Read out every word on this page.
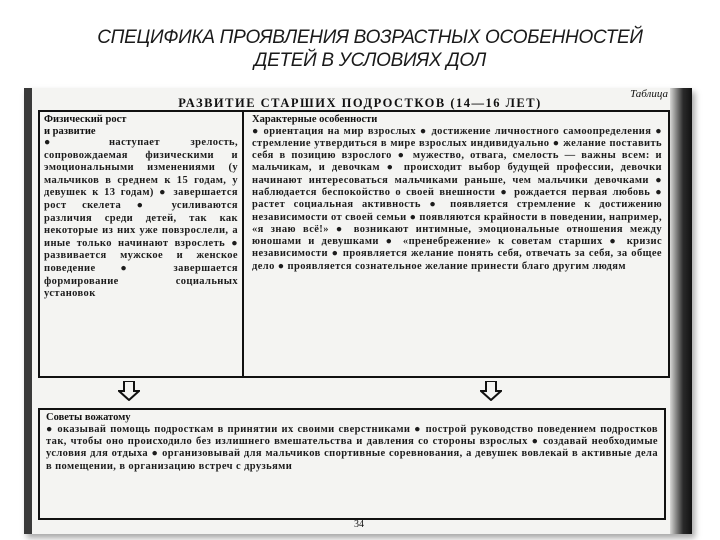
СПЕЦИФИКА ПРОЯВЛЕНИЯ ВОЗРАСТНЫХ ОСОБЕННОСТЕЙ
ДЕТЕЙ В УСЛОВИЯХ ДОЛ
Таблица
РАЗВИТИЕ СТАРШИХ ПОДРОСТКОВ (14—16 ЛЕТ)

Физический рост
и развитие

● наступает зрелость, сопровождаемая физическими и эмоциональными изменениями (у мальчиков в среднем к 15 годам, у девушек к 13 годам) ● завершается рост скелета ● усиливаются различия среди детей, так как некоторые из них уже повзрослели, а иные только начинают взрослеть ● развивается мужское и женское поведение ● завершается формирование социальных установок

Характерные особенности

● ориентация на мир взрослых ● достижение личностного самоопределения ● стремление утвердиться в мире взрослых индивидуально ● желание поставить себя в позицию взрослого ● мужество, отвага, смелость — важны всем: и мальчикам, и девочкам ● происходит выбор будущей профессии, девочки начинают интересоваться мальчиками раньше, чем мальчики девочками ● наблюдается беспокойство о своей внешности ● рождается первая любовь ● растет социальная активность ● появляется стремление к достижению независимости от своей семьи ● появляются крайности в поведении, например, «я знаю всё!» ● возникают интимные, эмоциональные отношения между юношами и девушками ● «пренебрежение» к советам старших ● кризис независимости ● проявляется желание понять себя, отвечать за себя, за общее дело ● проявляется сознательное желание принести благо другим людям

Советы вожатому

● оказывай помощь подросткам в принятии их своими сверстниками ● построй руководство поведением подростков так, чтобы оно происходило без излишнего вмешательства и давления со стороны взрослых ● создавай необходимые условия для отдыха ● организовывай для мальчиков спортивные соревнования, а девушек вовлекай в активные дела в помещении, в организацию встреч с друзьями
34
